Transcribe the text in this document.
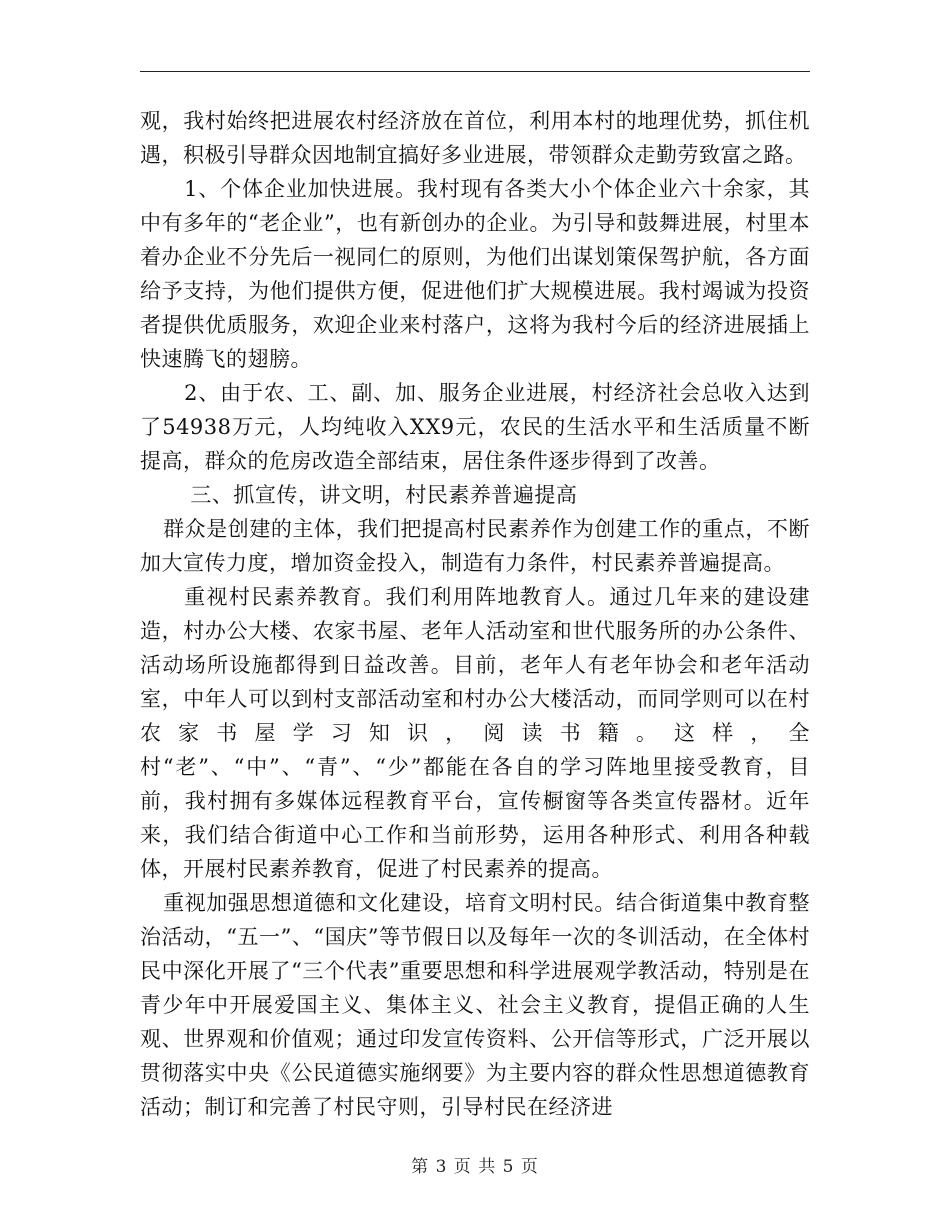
观，我村始终把进展农村经济放在首位，利用本村的地理优势，抓住机遇，积极引导群众因地制宜搞好多业进展，带领群众走勤劳致富之路。

1、个体企业加快进展。我村现有各类大小个体企业六十余家，其中有多年的“老企业”，也有新创办的企业。为引导和鼓舞进展，村里本着办企业不分先后一视同仁的原则，为他们出谋划策保驾护航，各方面给予支持，为他们提供方便，促进他们扩大规模进展。我村竭诚为投资者提供优质服务，欢迎企业来村落户，这将为我村今后的经济进展插上快速腾飞的翅膀。

2、由于农、工、副、加、服务企业进展，村经济社会总收入达到了54938万元，人均纯收入XX9元，农民的生活水平和生活质量不断提高，群众的危房改造全部结束，居住条件逐步得到了改善。

三、抓宣传，讲文明，村民素养普遍提高

群众是创建的主体，我们把提高村民素养作为创建工作的重点，不断加大宣传力度，增加资金投入，制造有力条件，村民素养普遍提高。

重视村民素养教育。我们利用阵地教育人。通过几年来的建设建造，村办公大楼、农家书屋、老年人活动室和世代服务所的办公条件、活动场所设施都得到日益改善。目前，老年人有老年协会和老年活动室，中年人可以到村支部活动室和村办公大楼活动，而同学则可以在村农家书屋学习知识，阅读书籍。这样，全村“老”、“中”、“青”、“少”都能在各自的学习阵地里接受教育，目前，我村拥有多媒体远程教育平台，宣传橱窗等各类宣传器材。近年来，我们结合街道中心工作和当前形势，运用各种形式、利用各种载体，开展村民素养教育，促进了村民素养的提高。

重视加强思想道德和文化建设，培育文明村民。结合街道集中教育整治活动，“五一”、“国庆”等节假日以及每年一次的冬训活动，在全体村民中深化开展了“三个代表”重要思想和科学进展观学教活动，特别是在青少年中开展爱国主义、集体主义、社会主义教育，提倡正确的人生观、世界观和价值观；通过印发宣传资料、公开信等形式，广泛开展以贯彻落实中央《公民道德实施纲要》为主要内容的群众性思想道德教育活动；制订和完善了村民守则，引导村民在经济进

第 3 页 共 5 页
